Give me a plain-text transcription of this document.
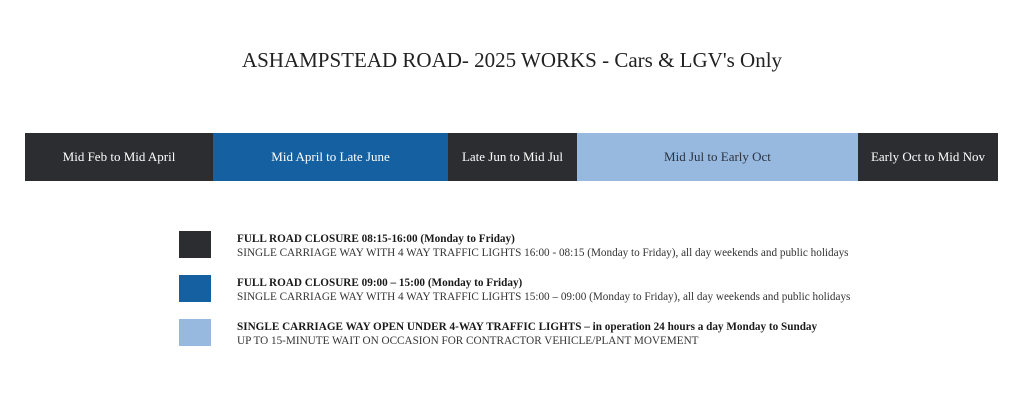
ASHAMPSTEAD ROAD- 2025 WORKS - Cars & LGV's Only
Mid Feb to Mid April	Mid April to Late June	Late Jun to Mid Jul	Mid Jul to Early Oct	Early Oct to Mid Nov
FULL ROAD CLOSURE 08:15-16:00 (Monday to Friday)
SINGLE CARRIAGE WAY WITH 4 WAY TRAFFIC LIGHTS 16:00 - 08:15 (Monday to Friday), all day weekends and public holidays
FULL ROAD CLOSURE 09:00 – 15:00 (Monday to Friday)
SINGLE CARRIAGE WAY WITH 4 WAY TRAFFIC LIGHTS 15:00 – 09:00 (Monday to Friday), all day weekends and public holidays
SINGLE CARRIAGE WAY OPEN UNDER 4-WAY TRAFFIC LIGHTS – in operation 24 hours a day Monday to Sunday
UP TO 15-MINUTE WAIT ON OCCASION FOR CONTRACTOR VEHICLE/PLANT MOVEMENT
